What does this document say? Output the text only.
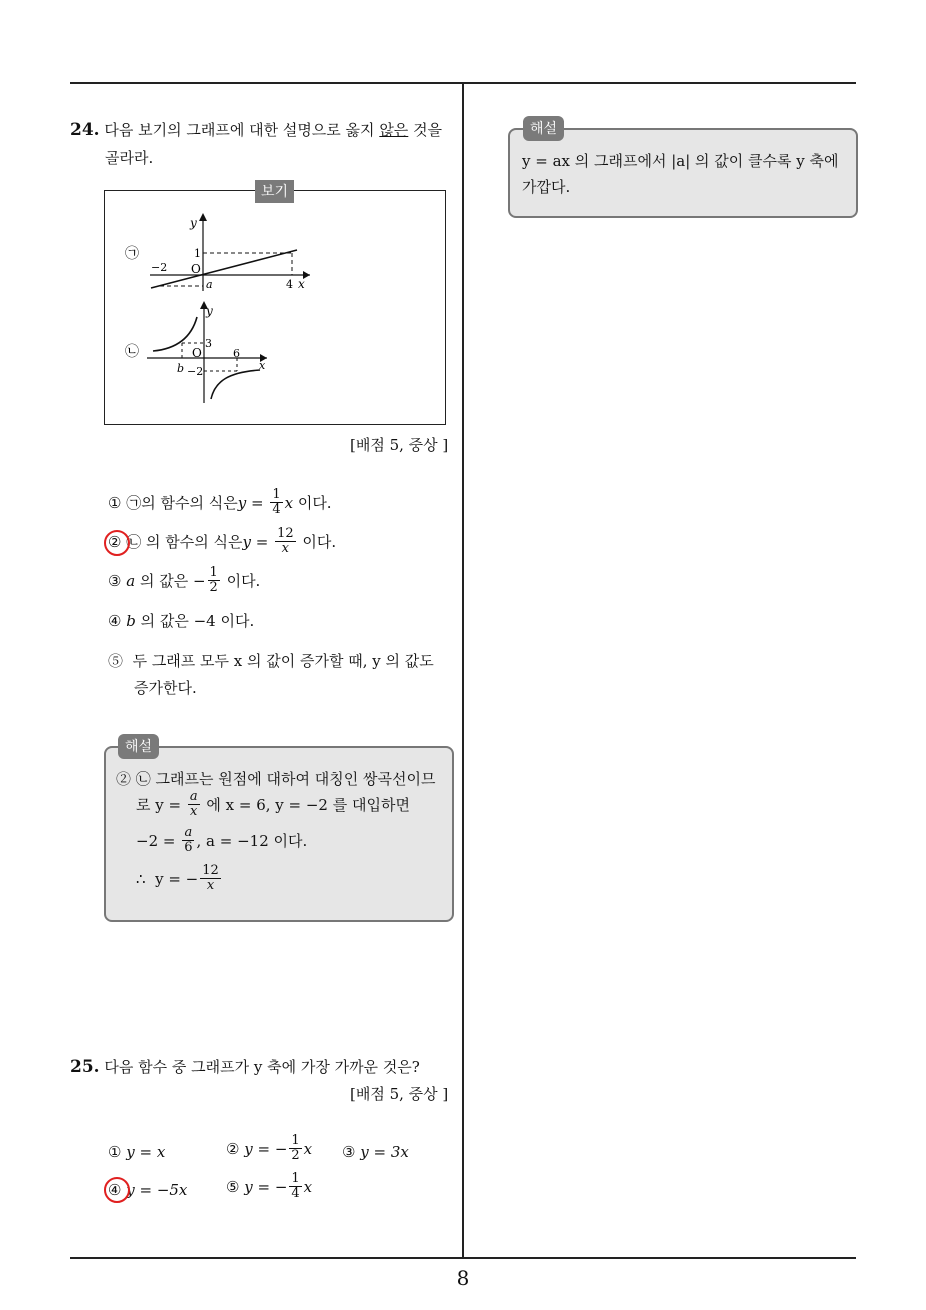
24. 다음 보기의 그래프에 대한 설명으로 옳지 않은 것을
골라라.
㉠
y
x
O
−2
1
4
a
㉡
y
x
O
3
6
−2
b
보기
[배점 5, 중상 ]
①
㉠의 함수의 식은 $y = \frac{1}{4}$ x 이다.
②
㉡ 의 함수의 식은 $y = \frac{12}{x}$ 이다.
③
a 의 값은 − $\frac{1}{2}$ 이다.
④
b 의 값은 −4 이다.
⑤ 두 그래프 모두 x 의 값이 증가할 때, y 의 값도
증가한다.
해설
② ㉡ 그래프는 원점에 대하여 대칭인 쌍곡선이므
로 $y = \frac{a}{x}$ 에 x = 6, y = −2 를 대입하면
$-2 = \frac{a}{6}$ , a = −12 이다.
∴  y = − $\frac{12}{x}$
해설
y = ax 의 그래프에서 |a| 의 값이 클수록 y 축에
가깝다.
25. 다음 함수 중 그래프가 y 축에 가장 가까운 것은?
[배점 5, 중상 ]
①
y = x	②
y = − $\frac{1}{2}$ x ③
y = 3x
④
y = −5x	⑤
y = − $\frac{1}{4}$ x
8
